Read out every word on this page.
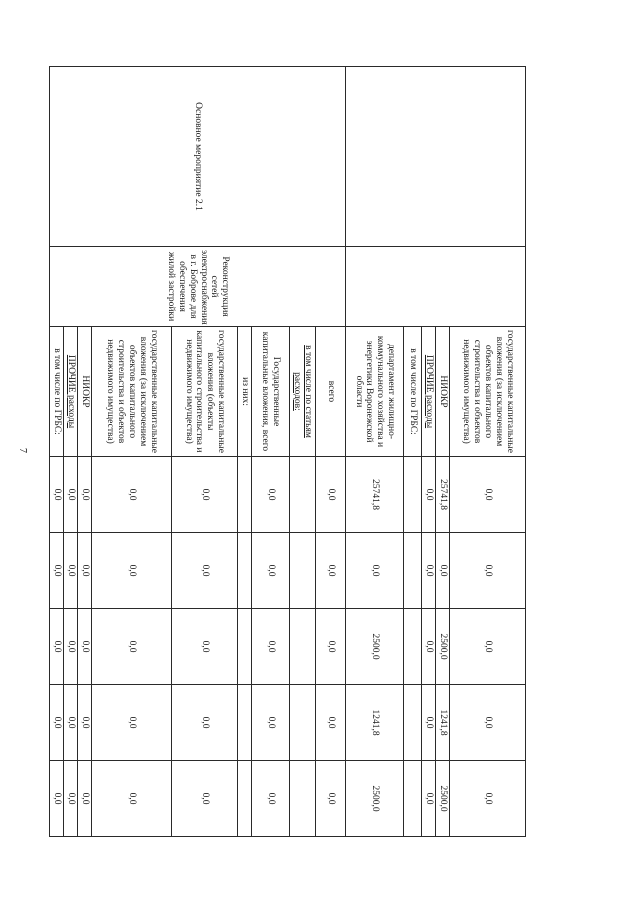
7
			государственные капитальные вложения (за исключением объектов капитального строительства и объектов недвижимого имущества)	0,0	0,0	0,0	0,0	0,0
		НИОКР	25741,8	0,0	2500,0	1241,8	2500,0
		ПРОЧИЕ расходы	0,0	0,0	0,0	0,0	0,0
		в том числе по ГРБС:					
		департамент жилищно-коммунального хозяйства и энергетики Воронежской области	25741,8	0,0	2500,0	1241,8	2500,0
Основное мероприятие 2.1	Реконструкция сетей электроснабжения в г. Боброве для обеспечения жилой застройки	всего	0,0	0,0	0,0	0,0	0,0
		в том числе по статьям расходов:					
		Государственные капитальные вложения, всего	0,0	0,0	0,0	0,0	0,0
		из них:					
		государственные капитальные вложения (объекты капитального строительства и недвижимого имущества)	0,0	0,0	0,0	0,0	0,0
		государственные капитальные вложения (за исключением объектов капитального строительства и объектов недвижимого имущества)	0,0	0,0	0,0	0,0	0,0
		НИОКР	0,0	0,0	0,0	0,0	0,0
		ПРОЧИЕ расходы	0,0	0,0	0,0	0,0	0,0
		в том числе по ГРБС:	0,0	0,0	0,0	0,0	0,0
